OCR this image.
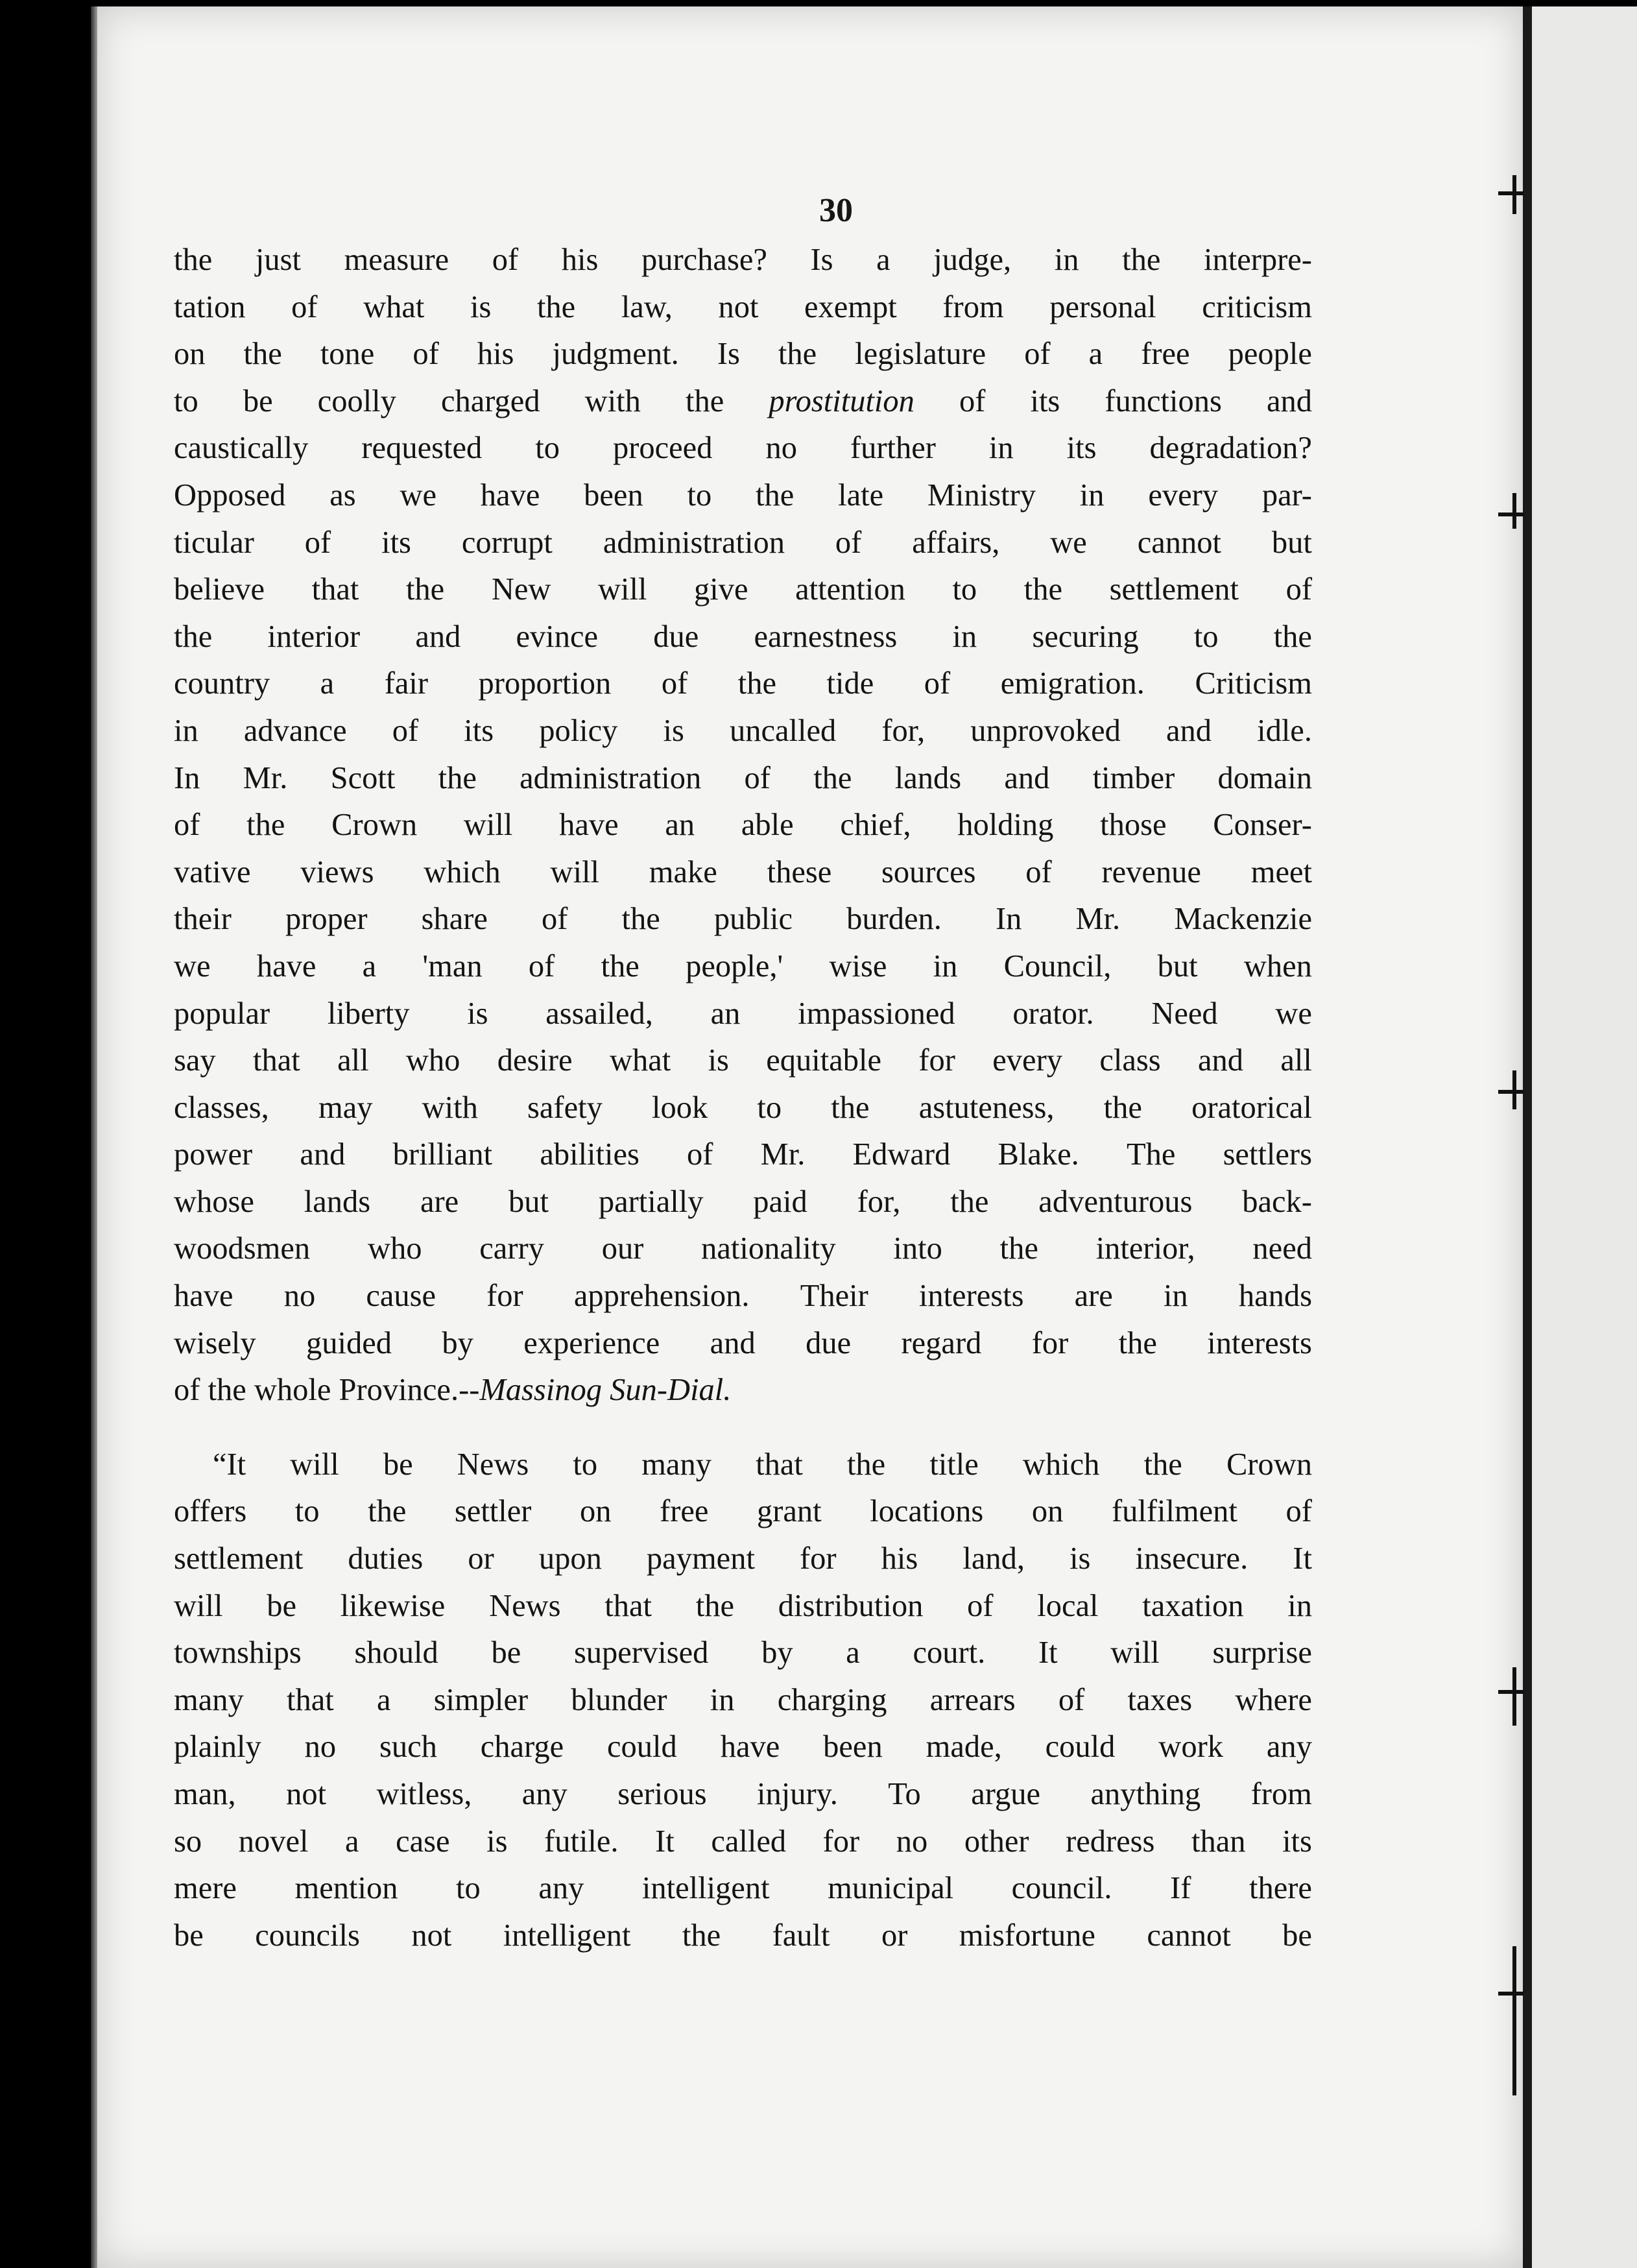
30
the just measure of his purchase? Is a judge, in the interpre-
tation of what is the law, not exempt from personal criticism
on the tone of his judgment. Is the legislature of a free people
to be coolly charged with the prostitution of its functions and
caustically requested to proceed no further in its degradation?
Opposed as we have been to the late Ministry in every par-
ticular of its corrupt administration of affairs, we cannot but
believe that the New will give attention to the settlement of
the interior and evince due earnestness in securing to the
country a fair proportion of the tide of emigration. Criticism
in advance of its policy is uncalled for, unprovoked and idle.
In Mr. Scott the administration of the lands and timber domain
of the Crown will have an able chief, holding those Conser-
vative views which will make these sources of revenue meet
their proper share of the public burden. In Mr. Mackenzie
we have a 'man of the people,' wise in Council, but when
popular liberty is assailed, an impassioned orator. Need we
say that all who desire what is equitable for every class and all
classes, may with safety look to the astuteness, the oratorical
power and brilliant abilities of Mr. Edward Blake. The settlers
whose lands are but partially paid for, the adventurous back-
woodsmen who carry our nationality into the interior, need
have no cause for apprehension. Their interests are in hands
wisely guided by experience and due regard for the interests
of the whole Province.-- Massinog Sun-Dial.
“It will be News to many that the title which the Crown
offers to the settler on free grant locations on fulfilment of
settlement duties or upon payment for his land, is insecure. It
will be likewise News that the distribution of local taxation in
townships should be supervised by a court. It will surprise
many that a simpler blunder in charging arrears of taxes where
plainly no such charge could have been made, could work any
man, not witless, any serious injury. To argue anything from
so novel a case is futile. It called for no other redress than its
mere mention to any intelligent municipal council. If there
be councils not intelligent the fault or misfortune cannot be
